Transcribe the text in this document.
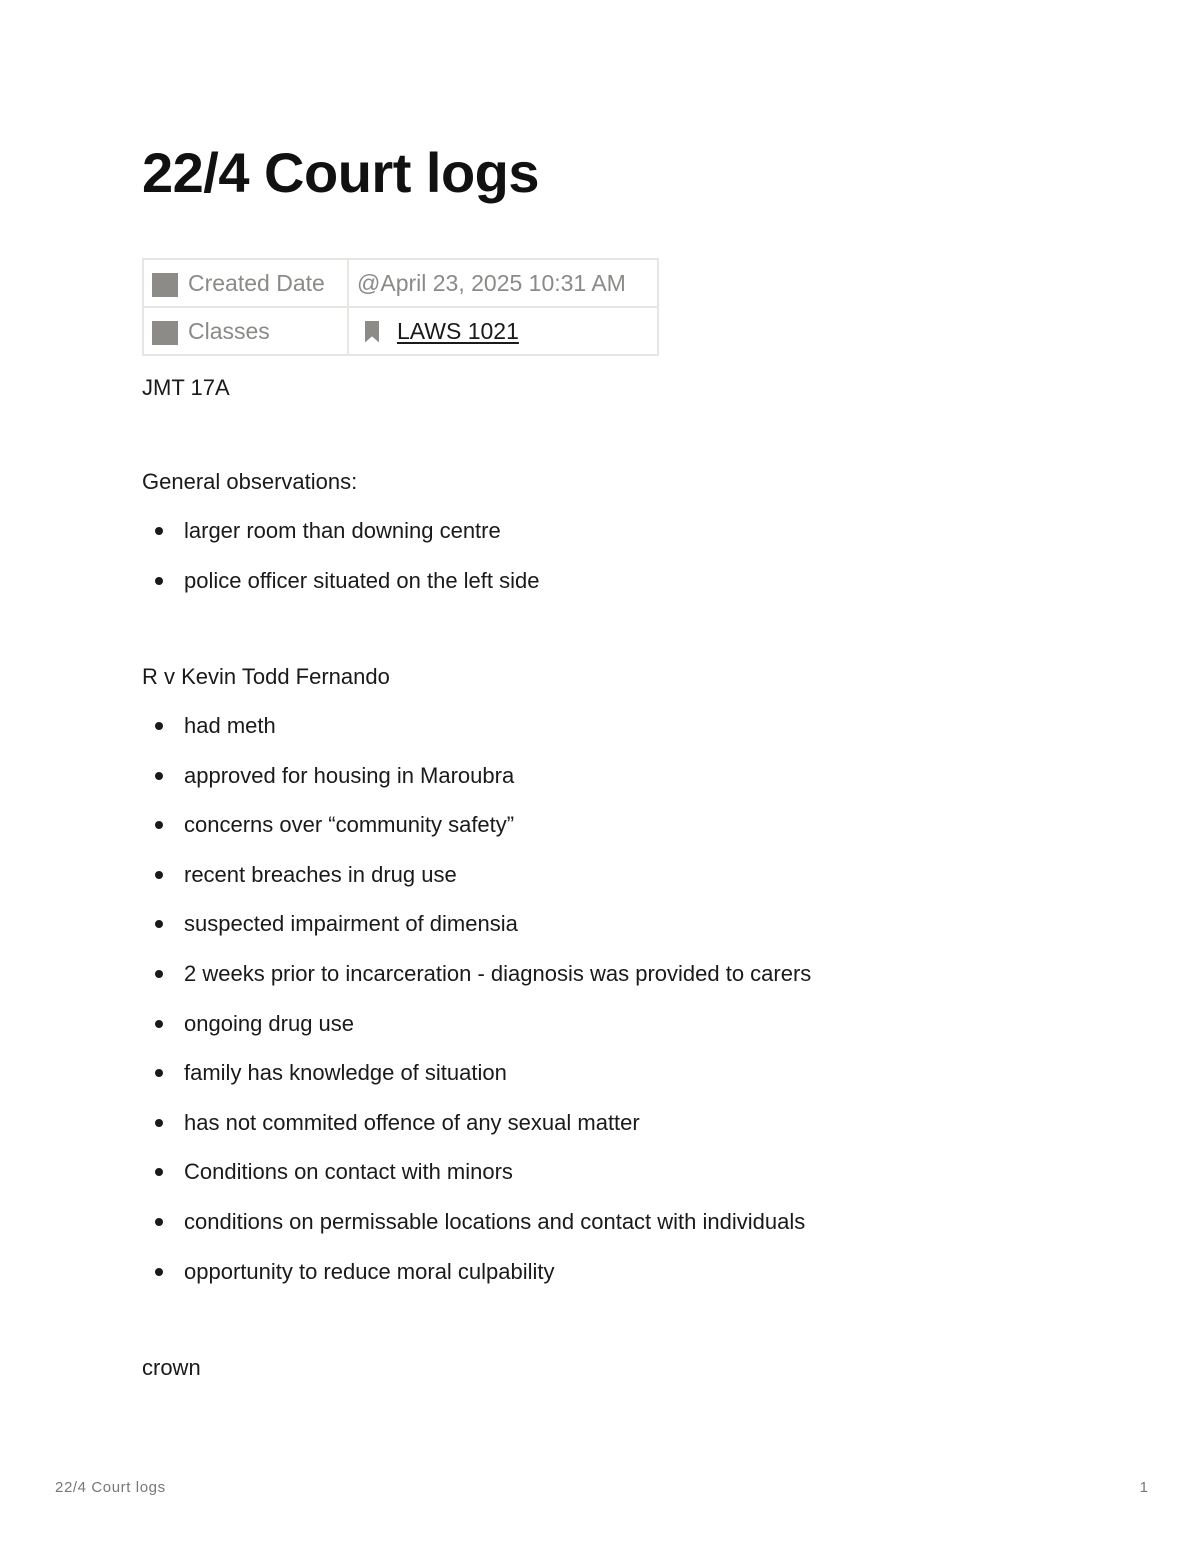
22/4 Court logs
Created Date	@April 23, 2025 10:31 AM
Classes	LAWS 1021

JMT 17A

General observations:

larger room than downing centre
police officer situated on the left side

R v Kevin Todd Fernando

had meth
approved for housing in Maroubra
concerns over “community safety”
recent breaches in drug use
suspected impairment of dimensia
2 weeks prior to incarceration - diagnosis was provided to carers
ongoing drug use
family has knowledge of situation
has not commited offence of any sexual matter
Conditions on contact with minors
conditions on permissable locations and contact with individuals
opportunity to reduce moral culpability

crown

22/4 Court logs	1
